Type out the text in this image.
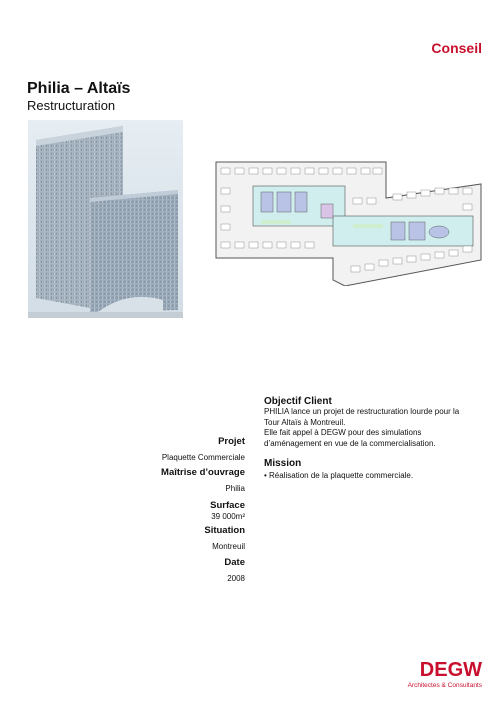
Conseil
Philia – Altaïs
Restructuration
Projet
Plaquette Commerciale
Maîtrise d’ouvrage
Philia
Surface
39 000m²
Situation
Montreuil
Date
2008
Objectif Client
PHILIA lance un projet de restructuration lourde pour la
Tour Altaïs à Montreuil.
Elle fait appel à DEGW pour des simulations
d’aménagement en vue de la commercialisation.
Mission
• Réalisation de la plaquette commerciale.
DEGW
Architectes & Consultants
